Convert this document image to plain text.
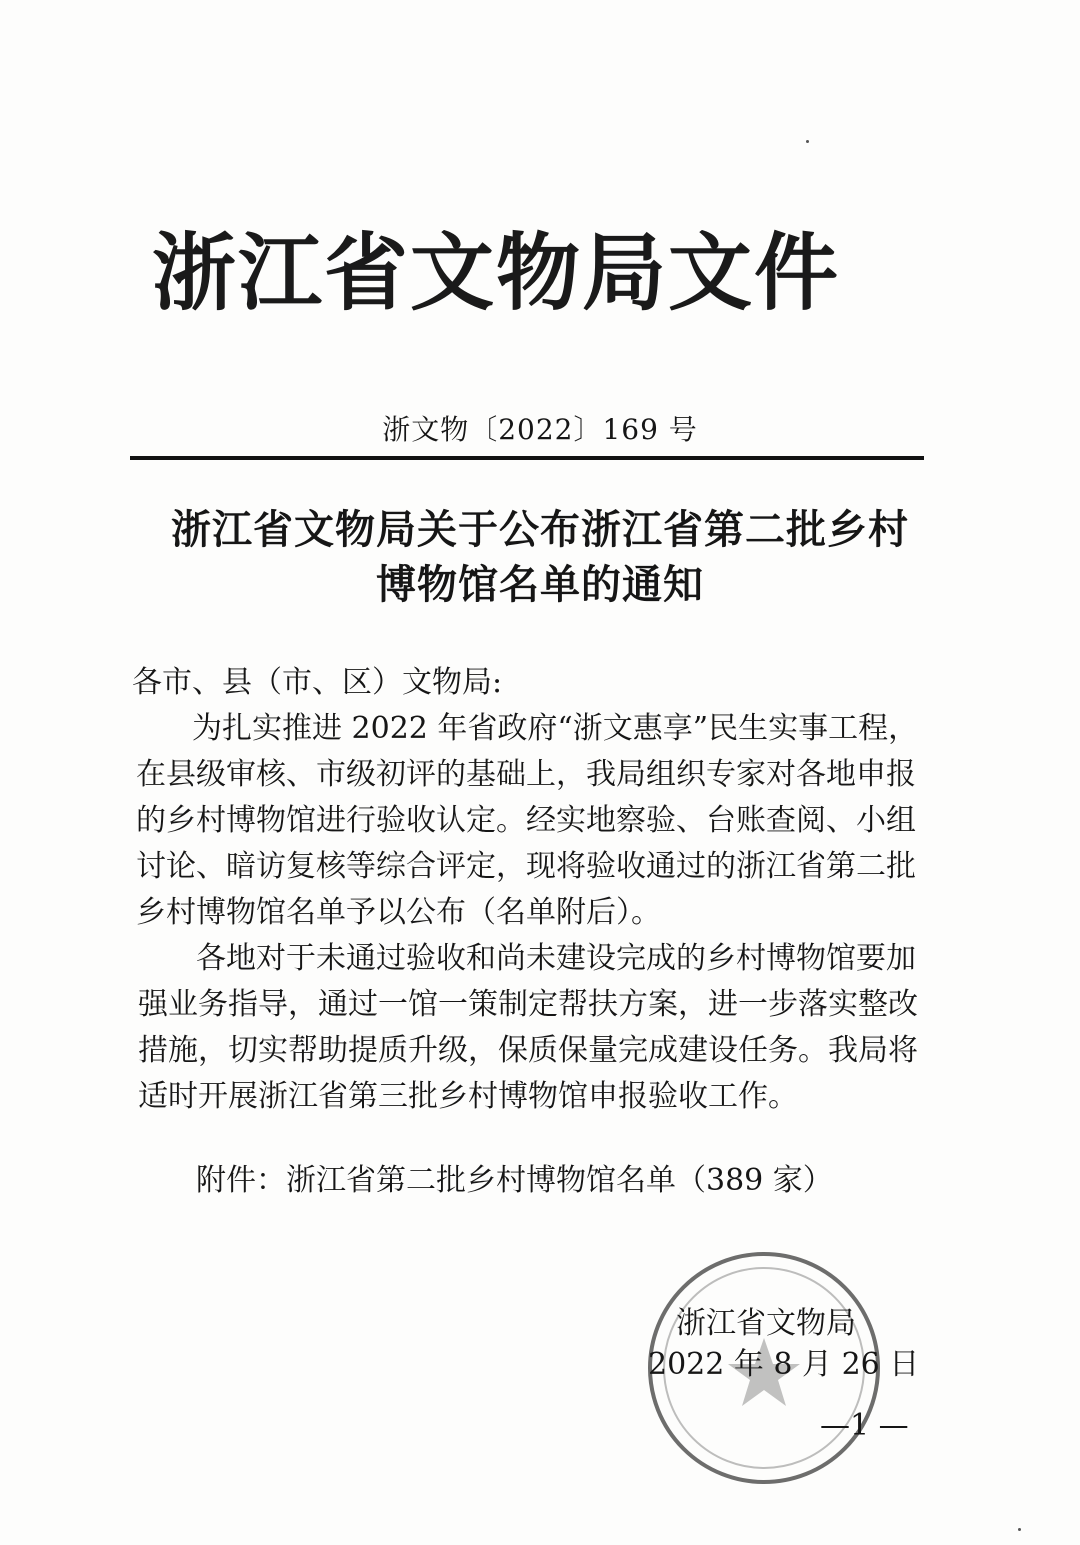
浙江省文物局文件
浙文物〔2022〕169 号
浙江省文物局关于公布浙江省第二批乡村
博物馆名单的通知
各市、县（市、区）文物局:
为扎实推进 2022 年省政府“浙文惠享”民生实事工程，
在县级审核、市级初评的基础上，我局组织专家对各地申报
的乡村博物馆进行验收认定。经实地察验、台账查阅、小组
讨论、暗访复核等综合评定，现将验收通过的浙江省第二批
乡村博物馆名单予以公布（名单附后）。
各地对于未通过验收和尚未建设完成的乡村博物馆要加
强业务指导，通过一馆一策制定帮扶方案，进一步落实整改
措施，切实帮助提质升级，保质保量完成建设任务。我局将
适时开展浙江省第三批乡村博物馆申报验收工作。
附件：浙江省第二批乡村博物馆名单（389 家）
浙江省文物局
2022 年 8 月 26 日
—1 —
